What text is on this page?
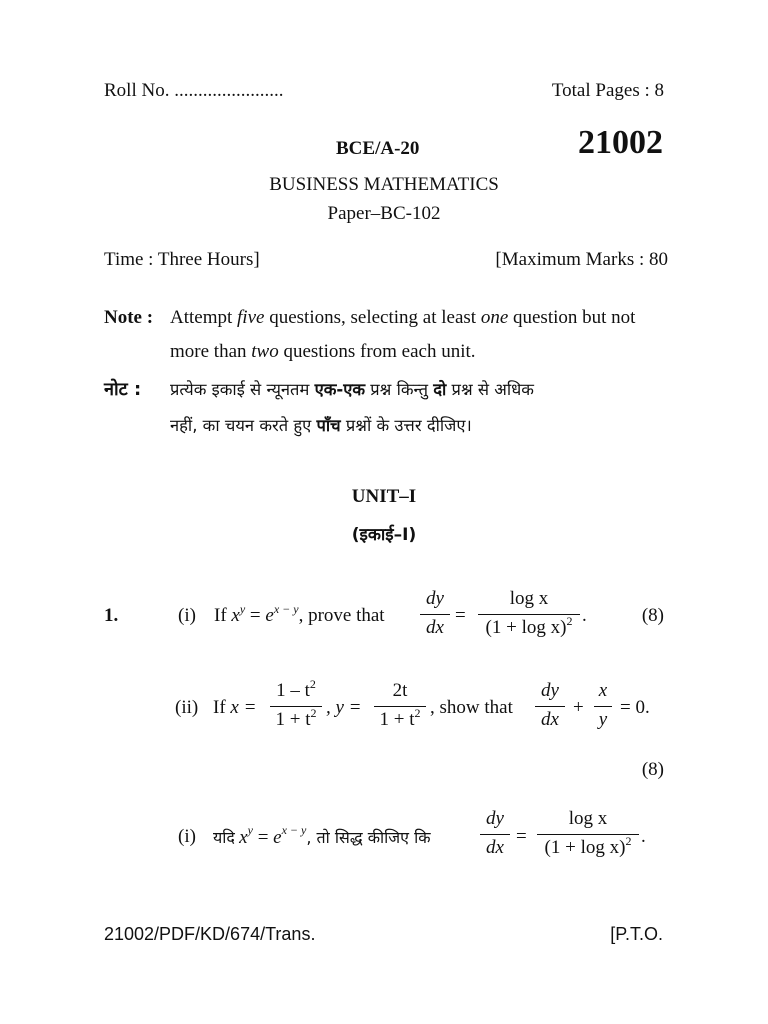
Roll No. .......................	Total Pages : 8
BCE/A-20	21002
BUSINESS MATHEMATICS
Paper–BC-102
Time : Three Hours]	[Maximum Marks : 80
Note : Attempt five questions, selecting at least one question but not
more than two questions from each unit.
नोट : प्रत्येक इकाई से न्यूनतम एक-एक प्रश्न किन्तु दो प्रश्न से अधिक
नहीं, का चयन करते हुए पाँच प्रश्नों के उत्तर दीजिए।
UNIT–I
(इकाई–I)
1.	(i) If $x^y = e^{x - y}$, prove that
dy
dx
=
log x
$(1 + \log x)^2$ .	(8)
(ii) If x =
$1 - t^2$
$1 + t^2$ , y =
2t
$1 + t^2$ , show that
dy
dx
+
x
y
= 0.
(8)
(i) यदि $x^y = e^{x - y}$, तो सिद्ध कीजिए कि
dy
dx
=
log x
$(1 + \log x)^2$ .
21002/PDF/KD/674/Trans.	[P.T.O.
